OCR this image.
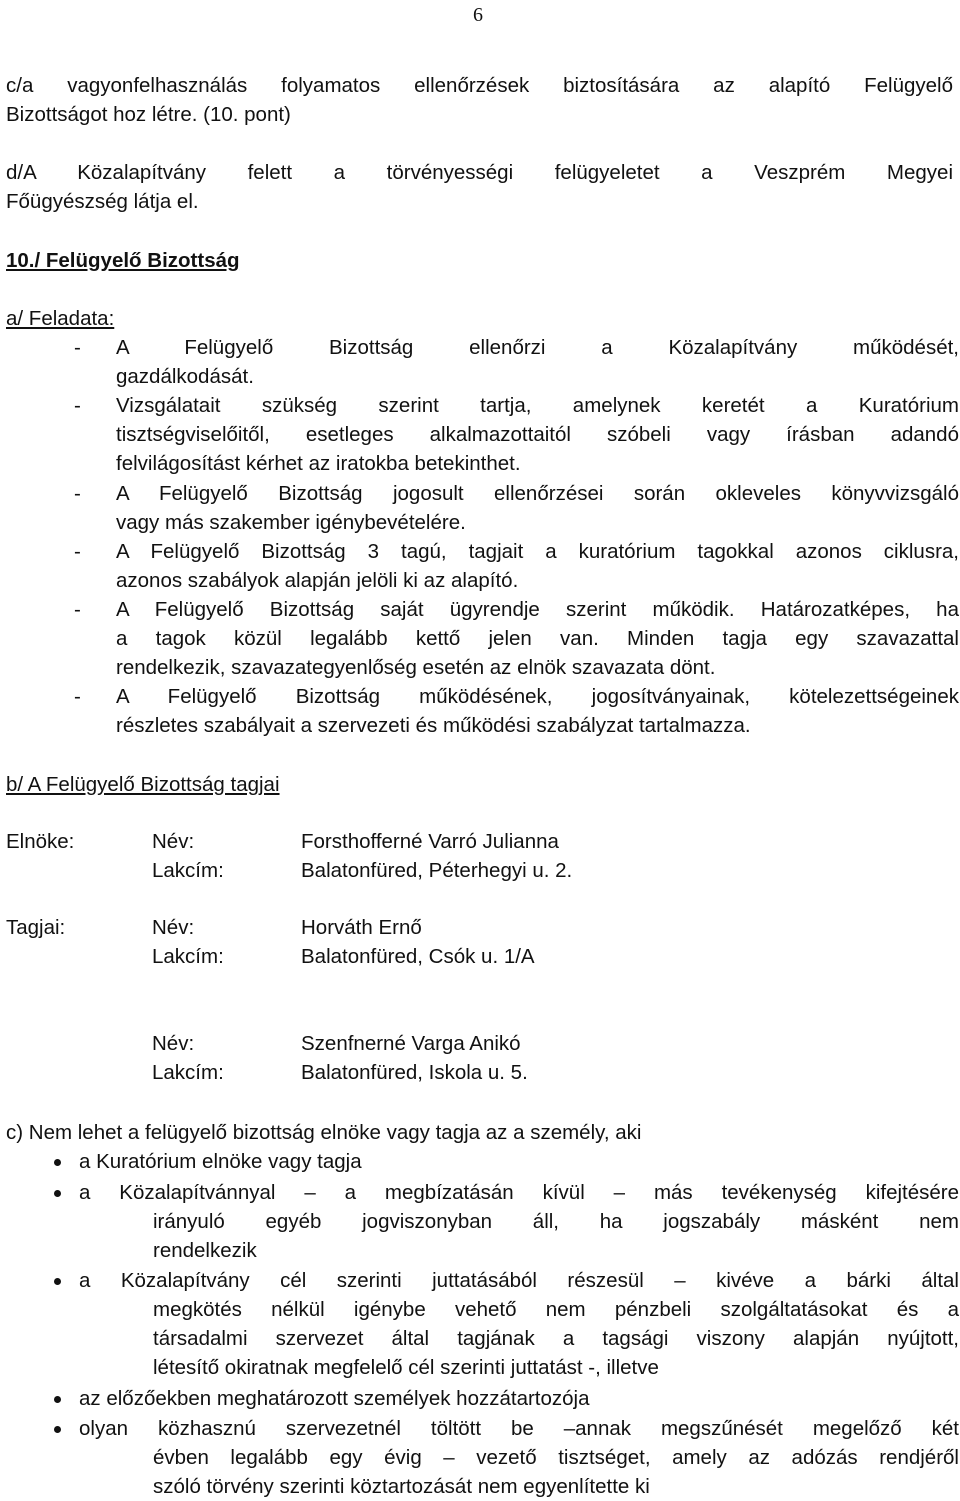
6
c/a vagyonfelhasználás folyamatos ellenőrzések biztosítására az alapító Felügyelő
Bizottságot hoz létre. (10. pont)
d/A Közalapítvány felett a törvényességi felügyeletet a Veszprém Megyei
Főügyészség látja el.
10./ Felügyelő Bizottság
a/ Feladata:
- A Felügyelő Bizottság ellenőrzi a Közalapítvány működését,
gazdálkodását.
- Vizsgálatait szükség szerint tartja, amelynek keretét a Kuratórium
tisztségviselőitől, esetleges alkalmazottaitól szóbeli vagy írásban adandó
felvilágosítást kérhet az iratokba betekinthet.
- A Felügyelő Bizottság jogosult ellenőrzései során okleveles könyvvizsgáló
vagy más szakember igénybevételére.
- A Felügyelő Bizottság 3 tagú, tagjait a kuratórium tagokkal azonos ciklusra,
azonos szabályok alapján jelöli ki az alapító.
- A Felügyelő Bizottság saját ügyrendje szerint működik. Határozatképes, ha
a tagok közül legalább kettő jelen van. Minden tagja egy szavazattal
rendelkezik, szavazategyenlőség esetén az elnök szavazata dönt.
- A Felügyelő Bizottság működésének, jogosítványainak, kötelezettségeinek
részletes szabályait a szervezeti és működési szabályzat tartalmazza.
b/ A Felügyelő Bizottság tagjai
Elnöke:	Név:	Forsthofferné Varró Julianna
Lakcím:	Balatonfüred, Péterhegyi u. 2.
Tagjai:	Név:	Horváth Ernő
Lakcím:	Balatonfüred, Csók u. 1/A
Név:	Szenfnerné Varga Anikó
Lakcím:	Balatonfüred, Iskola u. 5.
c) Nem lehet a felügyelő bizottság elnöke vagy tagja az a személy, aki
a Kuratórium elnöke vagy tagja
a Közalapítvánnyal – a megbízatásán kívül – más tevékenység kifejtésére
irányuló egyéb jogviszonyban áll, ha jogszabály másként nem
rendelkezik
a Közalapítvány cél szerinti juttatásából részesül – kivéve a bárki által
megkötés nélkül igénybe vehető nem pénzbeli szolgáltatásokat és a
társadalmi szervezet által tagjának a tagsági viszony alapján nyújtott,
létesítő okiratnak megfelelő cél szerinti juttatást -, illetve
az előzőekben meghatározott személyek hozzátartozója
olyan közhasznú szervezetnél töltött be –annak megszűnését megelőző két
évben legalább egy évig – vezető tisztséget, amely az adózás rendjéről
szóló törvény szerinti köztartozását nem egyenlítette ki
